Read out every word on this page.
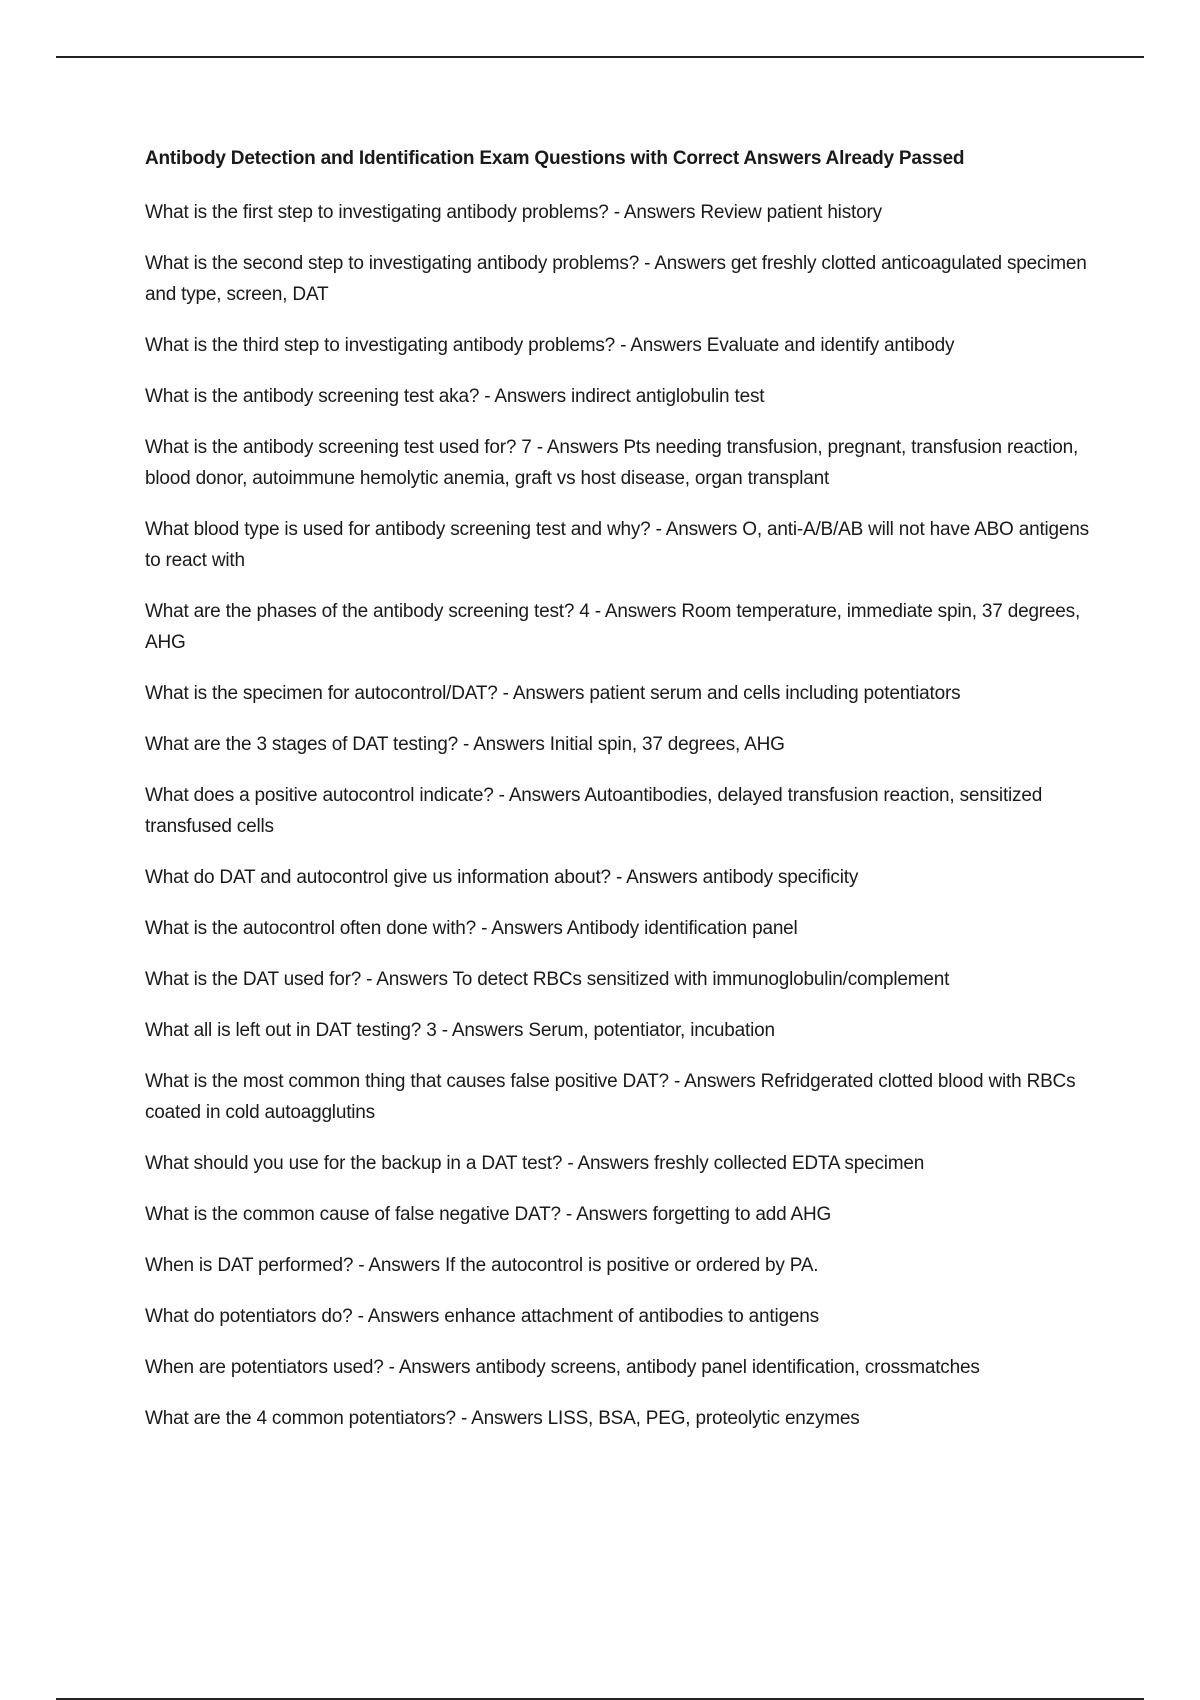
Antibody Detection and Identification Exam Questions with Correct Answers Already Passed
What is the first step to investigating antibody problems? - Answers Review patient history
What is the second step to investigating antibody problems? - Answers get freshly clotted anticoagulated specimen and type, screen, DAT
What is the third step to investigating antibody problems? - Answers Evaluate and identify antibody
What is the antibody screening test aka? - Answers indirect antiglobulin test
What is the antibody screening test used for? 7 - Answers Pts needing transfusion, pregnant, transfusion reaction, blood donor, autoimmune hemolytic anemia, graft vs host disease, organ transplant
What blood type is used for antibody screening test and why? - Answers O, anti-A/B/AB will not have ABO antigens to react with
What are the phases of the antibody screening test? 4 - Answers Room temperature, immediate spin, 37 degrees, AHG
What is the specimen for autocontrol/DAT? - Answers patient serum and cells including potentiators
What are the 3 stages of DAT testing? - Answers Initial spin, 37 degrees, AHG
What does a positive autocontrol indicate? - Answers Autoantibodies, delayed transfusion reaction, sensitized transfused cells
What do DAT and autocontrol give us information about? - Answers antibody specificity
What is the autocontrol often done with? - Answers Antibody identification panel
What is the DAT used for? - Answers To detect RBCs sensitized with immunoglobulin/complement
What all is left out in DAT testing? 3 - Answers Serum, potentiator, incubation
What is the most common thing that causes false positive DAT? - Answers Refridgerated clotted blood with RBCs coated in cold autoagglutins
What should you use for the backup in a DAT test? - Answers freshly collected EDTA specimen
What is the common cause of false negative DAT? - Answers forgetting to add AHG
When is DAT performed? - Answers If the autocontrol is positive or ordered by PA.
What do potentiators do? - Answers enhance attachment of antibodies to antigens
When are potentiators used? - Answers antibody screens, antibody panel identification, crossmatches
What are the 4 common potentiators? - Answers LISS, BSA, PEG, proteolytic enzymes
